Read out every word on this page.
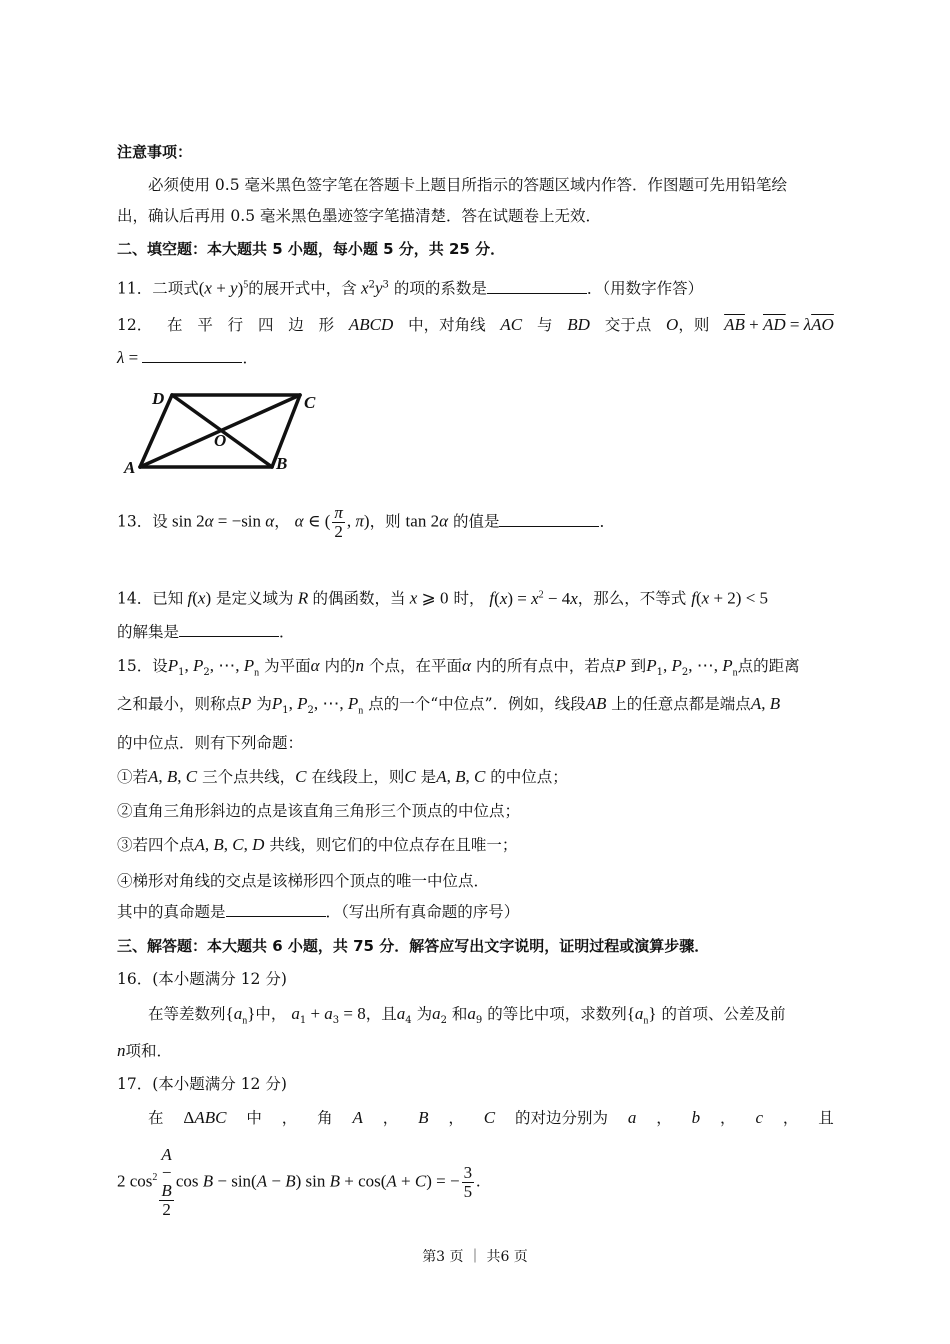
注意事项：
必须使用 0.5 毫米黑色签字笔在答题卡上题目所指示的答题区域内作答．作图题可先用铅笔绘
出，确认后再用 0.5 毫米黑色墨迹签字笔描清楚．答在试题卷上无效．
二、填空题：本大题共 5 小题，每小题 5 分，共 25 分．
11．二项式$(x + y)^5$的展开式中，含 $x^2y^3$ 的项的系数是	．（用数字作答）
12． 在 平 行 四 边 形 ABCD 中，对角线 AC 与 BD 交于点 O，则 $\overline{AB} + \overline{AD} = \lambda\overline{AO}$
λ =	．
D	C
O
A	B
13．设 sin 2α = −sin α， α ∈ ( $\frac{\pi}{2}$ , π)，则 tan 2α 的值是	．
14．已知 f(x) 是定义域为 R 的偶函数，当 x ⩾ 0 时， $f(x) = x^2 - 4x$，那么，不等式 f(x + 2) < 5
的解集是	．
15．设$P_1$, $P_2$, ⋯, $P_n$ 为平面α 内的n 个点，在平面α 内的所有点中，若点P 到$P_1$, $P_2$, ⋯, $P_n$点的距离
之和最小，则称点P 为$P_1$, $P_2$, ⋯, $P_n$ 点的一个“中位点”．例如，线段AB 上的任意点都是端点A, B
的中位点．则有下列命题：
①若A, B, C 三个点共线，C 在线段上，则C 是A, B, C 的中位点；
②直角三角形斜边的点是该直角三角形三个顶点的中位点；
③若四个点A, B, C, D 共线，则它们的中位点存在且唯一；
④梯形对角线的交点是该梯形四个顶点的唯一中位点．
其中的真命题是	．（写出所有真命题的序号）
三、解答题：本大题共 6 小题，共 75 分．解答应写出文字说明，证明过程或演算步骤．
16．(本小题满分 12 分)
在等差数列$\{a_n\}$中， $a_1 + a_3 = 8$，且$a_4$ 为$a_2$ 和$a_9$ 的等比中项，求数列$\{a_n\}$ 的首项、公差及前
n项和．
17．(本小题满分 12 分)
在 ΔABC 中 ， 角 A ， B ， C 的对边分别为 a ， b ， c ， 且
2 $\cos^2 A$
−
B
2 cos B − sin(A − B) sin B + cos(A + C) = − $\frac{3}{5}$ .
第3 页 ｜ 共6 页
